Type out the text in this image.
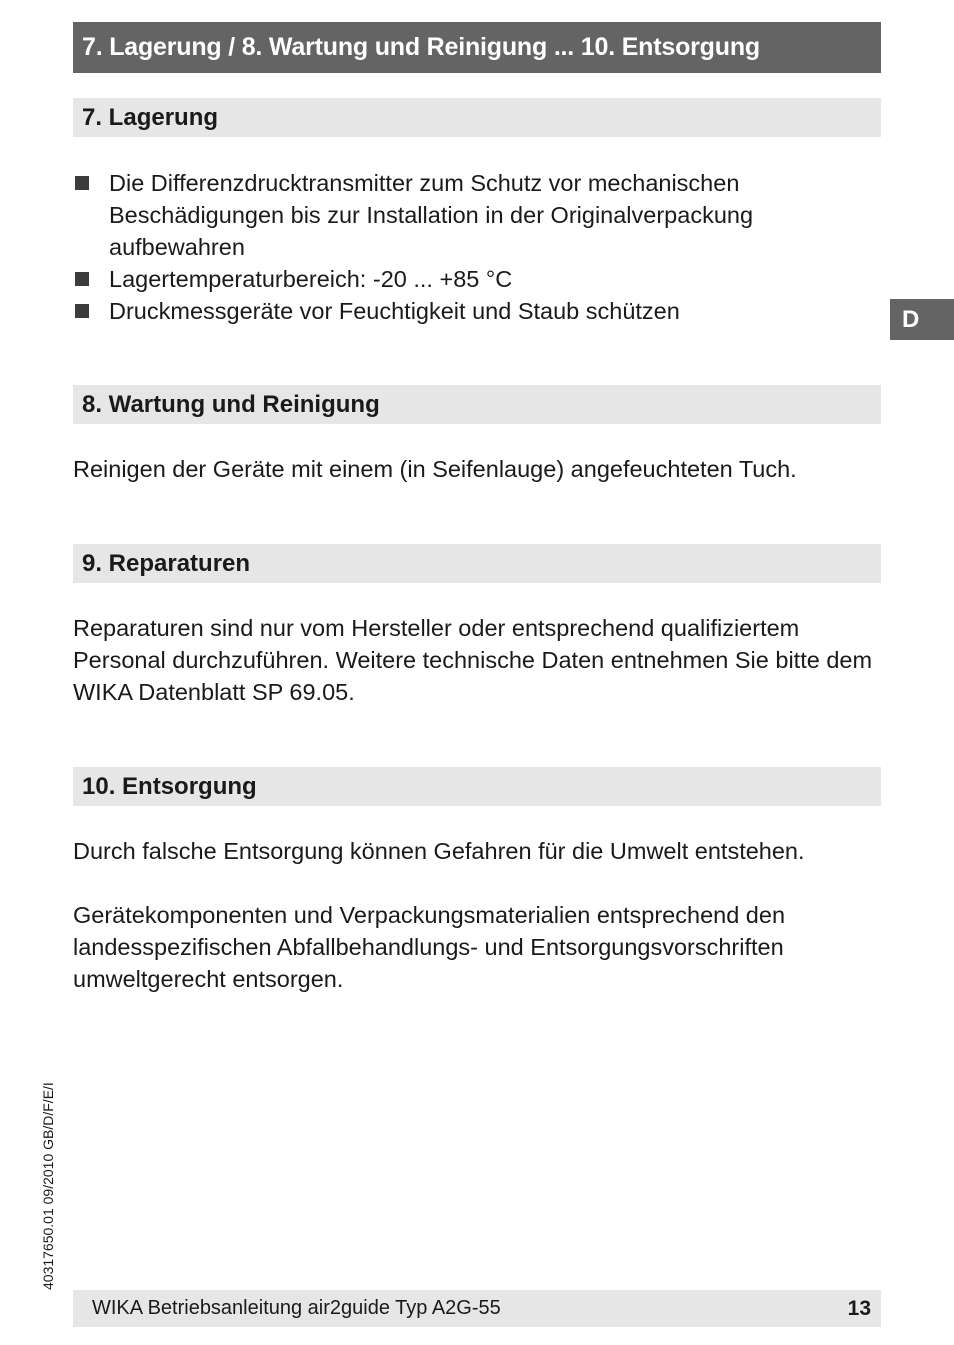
7. Lagerung / 8. Wartung und Reinigung ... 10. Entsorgung
7. Lagerung
Die Differenzdrucktransmitter zum Schutz vor mechanischen Beschädigungen bis zur Installation in der Originalverpackung aufbewahren
Lagertemperaturbereich: -20 ... +85 °C
Druckmessgeräte vor Feuchtigkeit und Staub schützen	D
8. Wartung und Reinigung

Reinigen der Geräte mit einem (in Seifenlauge) angefeuchteten Tuch.

9. Reparaturen

Reparaturen sind nur vom Hersteller oder entsprechend qualifiziertem Personal durchzuführen. Weitere technische Daten entnehmen Sie bitte dem WIKA Datenblatt SP 69.05.

10. Entsorgung

Durch falsche Entsorgung können Gefahren für die Umwelt entstehen.

Gerätekomponenten und Verpackungsmaterialien entsprechend den landesspezifischen Abfallbehandlungs- und Entsorgungsvorschriften umweltgerecht entsorgen.

40317650.01 09/2010 GB/D/F/E/I
WIKA Betriebsanleitung air2guide Typ A2G-55	13
